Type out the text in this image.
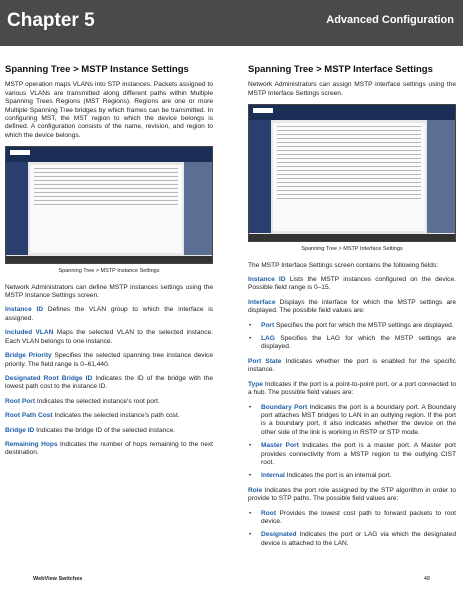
Chapter 5	Advanced Configuration
Spanning Tree > MSTP Instance Settings

MSTP operation maps VLANs into STP instances. Packets assigned to various VLANs are transmitted along different paths within Multiple Spanning Trees Regions (MST Regions). Regions are one or more Multiple Spanning Tree bridges by which frames can be transmitted. In configuring MST, the MST region to which the device belongs is defined. A configuration consists of the name, revision, and region to which the device belongs.

Spanning Tree > MSTP Instance Settings

Network Administrators can define MSTP instances settings using the MSTP Instance Settings screen.

Instance ID Defines the VLAN group to which the interface is assigned.

Included VLAN Maps the selected VLAN to the selected instance. Each VLAN belongs to one instance.

Bridge Priority Specifies the selected spanning tree instance device priority. The field range is 0–61,440.

Designated Root Bridge ID Indicates the ID of the bridge with the lowest path cost to the instance ID.

Root Port Indicates the selected instance's root port.

Root Path Cost Indicates the selected instance's path cost.

Bridge ID Indicates the bridge ID of the selected instance.

Remaining Hops Indicates the number of hops remaining to the next destination.

Spanning Tree > MSTP Interface Settings

Network Administrators can assign MSTP interface settings using the MSTP Interface Settings screen.

Spanning Tree > MSTP Interface Settings

The MSTP Interface Settings screen contains the following fields:

Instance ID Lists the MSTP instances configured on the device. Possible field range is 0–15.

Interface Displays the interface for which the MSTP settings are displayed. The possible field values are:

• Port Specifies the port for which the MSTP settings are displayed.
• LAG Specifies the LAG for which the MSTP settings are displayed.

Port State Indicates whether the port is enabled for the specific instance.

Type Indicates if the port is a point-to-point port, or a port connected to a hub. The possible field values are:

• Boundary Port Indicates the port is a boundary port. A Boundary port attaches MST bridges to LAN in an outlying region. If the port is a boundary port, it also indicates whether the device on the other side of the link is working in RSTP or STP mode.
• Master Port Indicates the port is a master port. A Master port provides connectivity from a MSTP region to the outlying CIST root.
• Internal Indicates the port is an internal port.

Role Indicates the port role assigned by the STP algorithm in order to provide to STP paths. The possible field values are:

• Root Provides the lowest cost path to forward packets to root device.
• Designated Indicates the port or LAG via which the designated device is attached to the LAN.
WebView Switches	48
